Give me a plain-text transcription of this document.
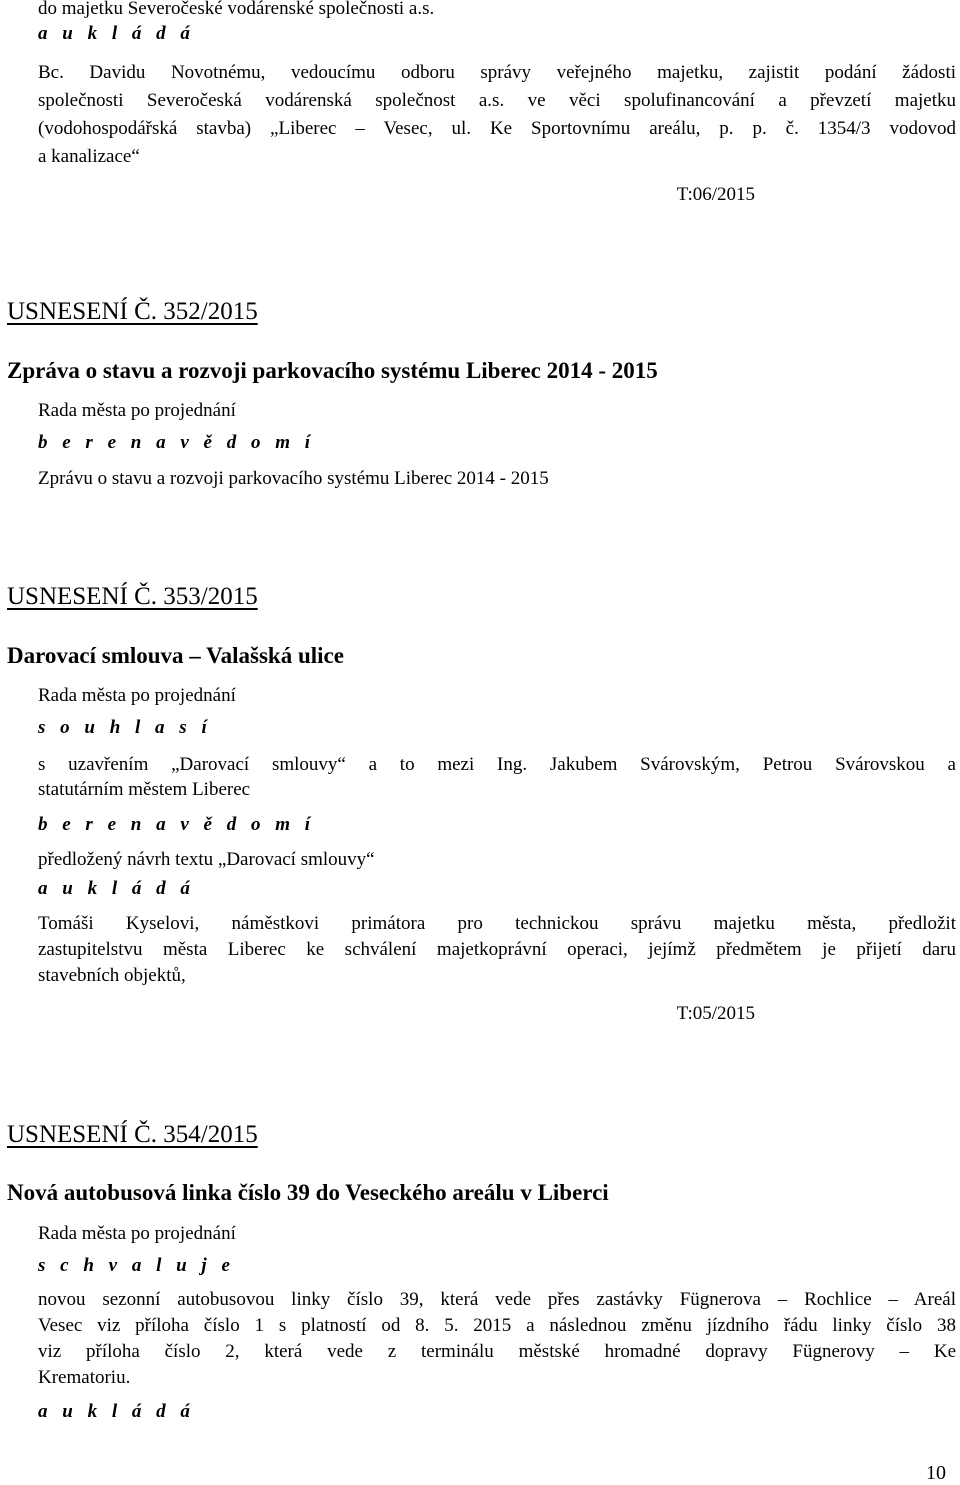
do majetku Severočeské vodárenské společnosti a.s.

a u k l á d á

Bc. Davidu Novotnému, vedoucímu odboru správy veřejného majetku, zajistit podání žádosti

společnosti Severočeská vodárenská společnost a.s. ve věci spolufinancování a převzetí majetku

(vodohospodářská stavba) „Liberec – Vesec, ul. Ke Sportovnímu areálu, p. p. č. 1354/3 vodovod

a kanalizace“

T:06/2015

USNESENÍ Č. 352/2015

Zpráva o stavu a rozvoji parkovacího systému Liberec 2014 - 2015

Rada města po projednání

b e r e n a v ě d o m í

Zprávu o stavu a rozvoji parkovacího systému Liberec 2014 - 2015

USNESENÍ Č. 353/2015

Darovací smlouva – Valašská ulice

Rada města po projednání

s o u h l a s í

s uzavřením „Darovací smlouvy“ a to mezi Ing. Jakubem Svárovským, Petrou Svárovskou a

statutárním městem Liberec

b e r e n a v ě d o m í

předložený návrh textu „Darovací smlouvy“

a u k l á d á

Tomáši Kyselovi, náměstkovi primátora pro technickou správu majetku města, předložit

zastupitelstvu města Liberec ke schválení majetkoprávní operaci, jejímž předmětem je přijetí daru

stavebních objektů,

T:05/2015

USNESENÍ Č. 354/2015

Nová autobusová linka číslo 39 do Veseckého areálu v Liberci

Rada města po projednání

s c h v a l u j e

novou sezonní autobusovou linky číslo 39, která vede přes zastávky Fügnerova – Rochlice – Areál

Vesec viz příloha číslo 1 s platností od 8. 5. 2015 a následnou změnu jízdního řádu linky číslo 38

viz příloha číslo 2, která vede z terminálu městské hromadné dopravy Fügnerovy – Ke

Krematoriu.

a u k l á d á

10
